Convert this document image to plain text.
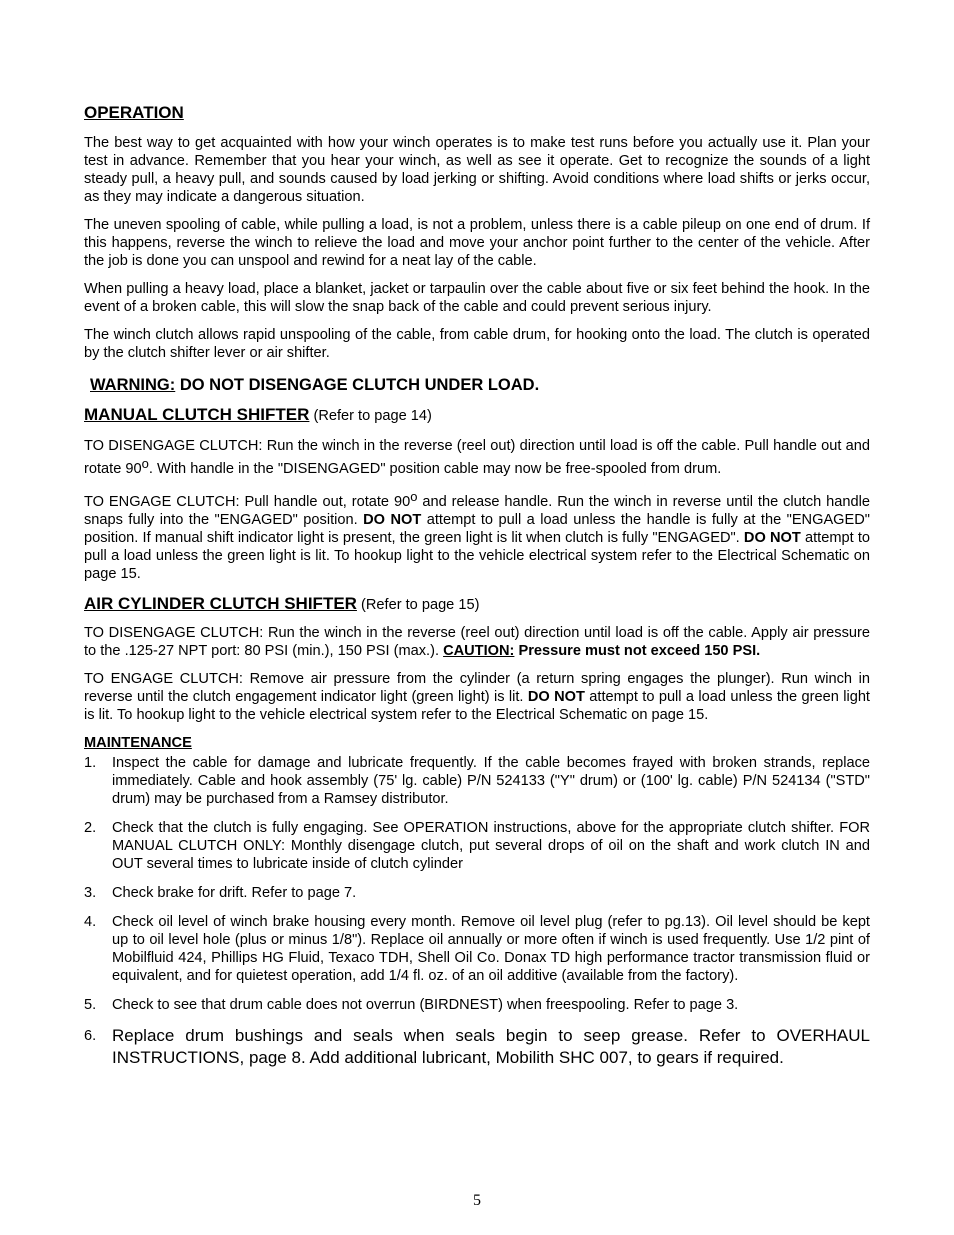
OPERATION

The best way to get acquainted with how your winch operates is to make test runs before you actually use it. Plan your test in advance. Remember that you hear your winch, as well as see it operate. Get to recognize the sounds of a light steady pull, a heavy pull, and sounds caused by load jerking or shifting. Avoid conditions where load shifts or jerks occur, as they may indicate a dangerous situation.

The uneven spooling of cable, while pulling a load, is not a problem, unless there is a cable pileup on one end of drum. If this happens, reverse the winch to relieve the load and move your anchor point further to the center of the vehicle. After the job is done you can unspool and rewind for a neat lay of the cable.

When pulling a heavy load, place a blanket, jacket or tarpaulin over the cable about five or six feet behind the hook. In the event of a broken cable, this will slow the snap back of the cable and could prevent serious injury.

The winch clutch allows rapid unspooling of the cable, from cable drum, for hooking onto the load. The clutch is operated by the clutch shifter lever or air shifter.

WARNING: DO NOT DISENGAGE CLUTCH UNDER LOAD.

MANUAL CLUTCH SHIFTER (Refer to page 14)

TO DISENGAGE CLUTCH: Run the winch in the reverse (reel out) direction until load is off the cable. Pull handle out and rotate 90$^o$. With handle in the "DISENGAGED" position cable may now be free-spooled from drum.

TO ENGAGE CLUTCH: Pull handle out, rotate 90$^o$ and release handle. Run the winch in reverse until the clutch handle snaps fully into the "ENGAGED" position. DO NOT attempt to pull a load unless the handle is fully at the "ENGAGED" position. If manual shift indicator light is present, the green light is lit when clutch is fully "ENGAGED". DO NOT attempt to pull a load unless the green light is lit. To hookup light to the vehicle electrical system refer to the Electrical Schematic on page 15.

AIR CYLINDER CLUTCH SHIFTER (Refer to page 15)

TO DISENGAGE CLUTCH: Run the winch in the reverse (reel out) direction until load is off the cable. Apply air pressure to the .125-27 NPT port: 80 PSI (min.), 150 PSI (max.). CAUTION: Pressure must not exceed 150 PSI.

TO ENGAGE CLUTCH: Remove air pressure from the cylinder (a return spring engages the plunger). Run winch in reverse until the clutch engagement indicator light (green light) is lit. DO NOT attempt to pull a load unless the green light is lit. To hookup light to the vehicle electrical system refer to the Electrical Schematic on page 15.

MAINTENANCE

1. Inspect the cable for damage and lubricate frequently. If the cable becomes frayed with broken strands, replace immediately. Cable and hook assembly (75' lg. cable) P/N 524133 ("Y" drum) or (100' lg. cable) P/N 524134 ("STD" drum) may be purchased from a Ramsey distributor.
2. Check that the clutch is fully engaging. See OPERATION instructions, above for the appropriate clutch shifter. FOR MANUAL CLUTCH ONLY: Monthly disengage clutch, put several drops of oil on the shaft and work clutch IN and OUT several times to lubricate inside of clutch cylinder
3. Check brake for drift. Refer to page 7.
4. Check oil level of winch brake housing every month. Remove oil level plug (refer to pg.13). Oil level should be kept up to oil level hole (plus or minus 1/8"). Replace oil annually or more often if winch is used frequently. Use 1/2 pint of Mobilfluid 424, Phillips HG Fluid, Texaco TDH, Shell Oil Co. Donax TD high performance tractor transmission fluid or equivalent, and for quietest operation, add 1/4 fl. oz. of an oil additive (available from the factory).
5. Check to see that drum cable does not overrun (BIRDNEST) when freespooling. Refer to page 3.
6. Replace drum bushings and seals when seals begin to seep grease. Refer to OVERHAUL INSTRUCTIONS, page 8. Add additional lubricant, Mobilith SHC 007, to gears if required.
5
